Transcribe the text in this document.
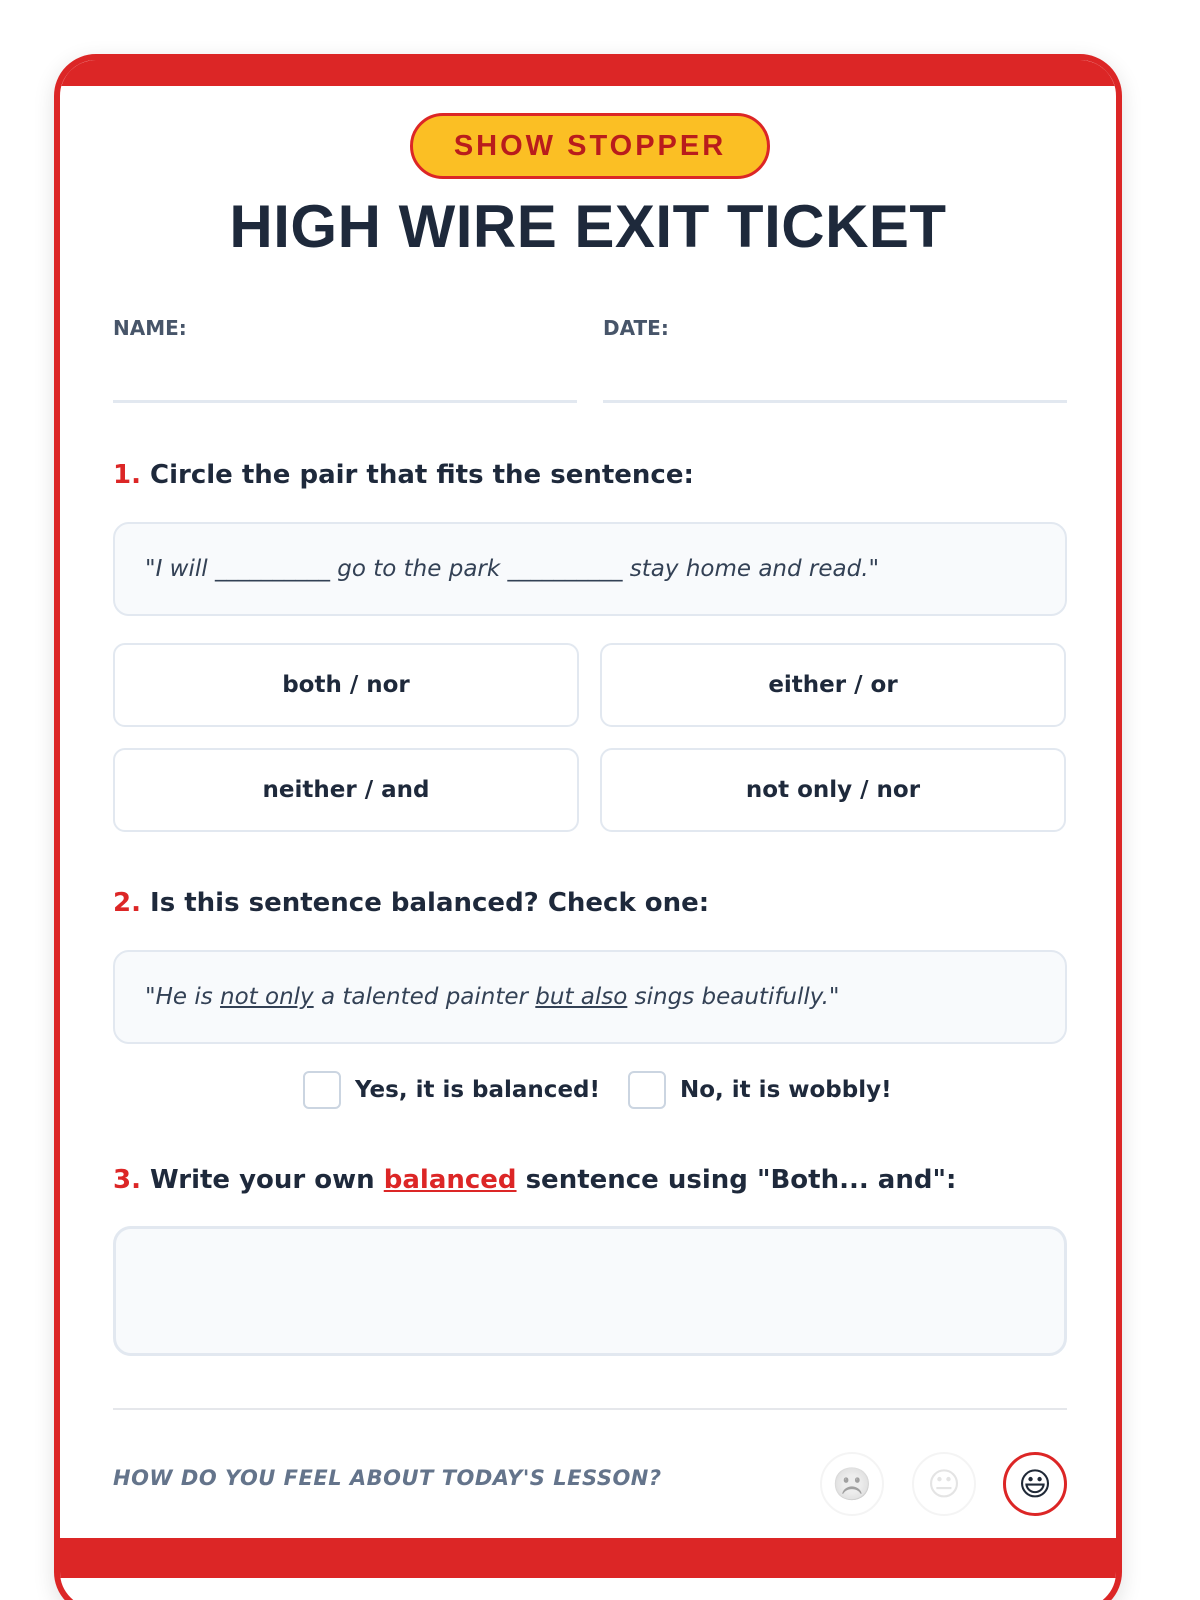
SHOW STOPPER
HIGH WIRE EXIT TICKET
NAME:	DATE:
1. Circle the pair that fits the sentence:
"I will __________ go to the park __________ stay home and read."
both / nor	either / or
neither / and	not only / nor
2. Is this sentence balanced? Check one:
"He is not only a talented painter but also sings beautifully."
Yes, it is balanced!	No, it is wobbly!
3. Write your own balanced sentence using "Both... and":
HOW DO YOU FEEL ABOUT TODAY'S LESSON?	☹️	😐	😃
